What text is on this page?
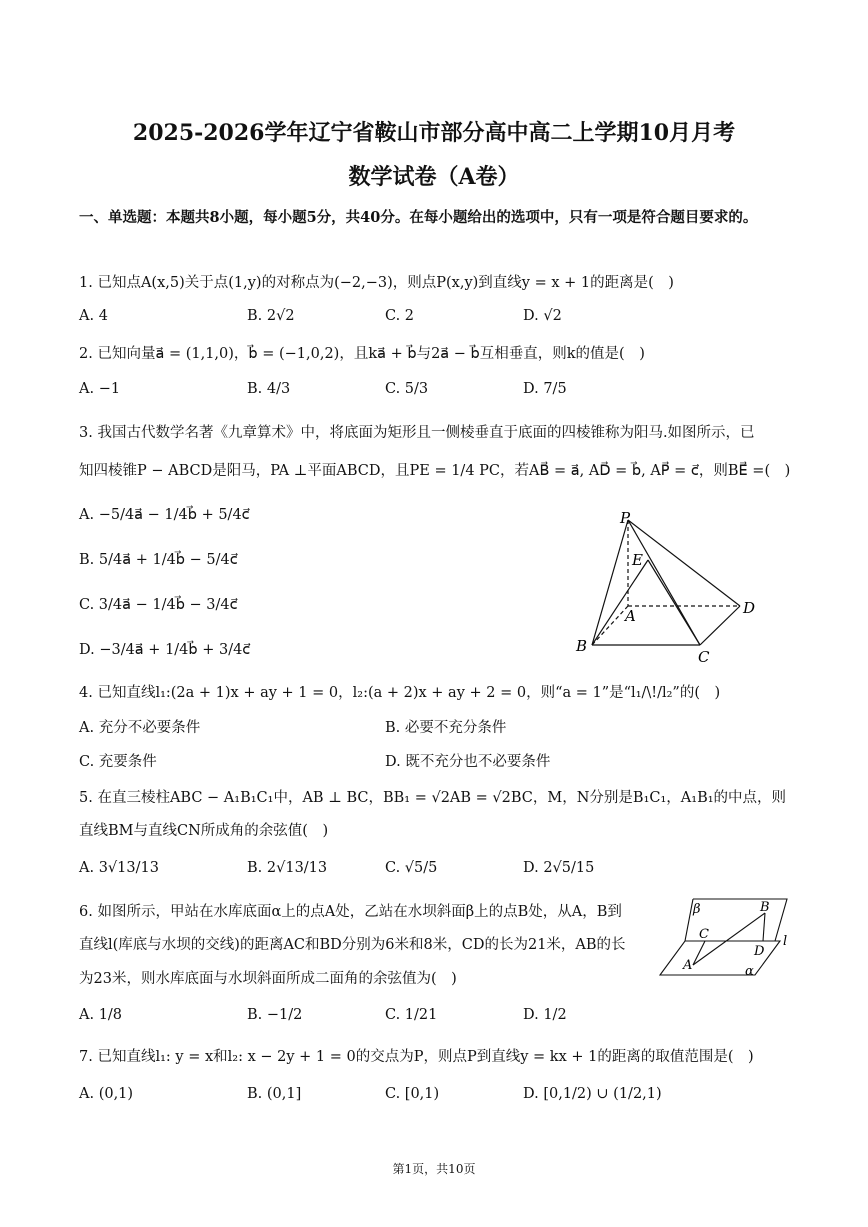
2025-2026学年辽宁省鞍山市部分高中高二上学期10月月考
数学试卷（A卷）
一、单选题：本题共8小题，每小题5分，共40分。在每小题给出的选项中，只有一项是符合题目要求的。
1. 已知点A(x,5)关于点(1,y)的对称点为(−2,−3)，则点P(x,y)到直线y = x + 1的距离是(　)
A. 4	B. 2√2	C. 2	D. √2
2. 已知向量a⃗ = (1,1,0)，b⃗ = (−1,0,2)，且ka⃗ + b⃗与2a⃗ − b⃗互相垂直，则k的值是(　)
A. −1	B. 4/3	C. 5/3	D. 7/5
3. 我国古代数学名著《九章算术》中，将底面为矩形且一侧棱垂直于底面的四棱锥称为阳马.如图所示，已
知四棱锥P − ABCD是阳马，PA ⊥平面ABCD，且PE = 1/4 PC，若AB⃗ = a⃗, AD⃗ = b⃗, AP⃗ = c⃗，则BE⃗ =(　)
A. −5/4a⃗ − 1/4b⃗ + 5/4c⃗
B. 5/4a⃗ + 1/4b⃗ − 5/4c⃗
C. 3/4a⃗ − 1/4b⃗ − 3/4c⃗
D. −3/4a⃗ + 1/4b⃗ + 3/4c⃗
P
E
A	D
B
C
4. 已知直线l₁:(2a + 1)x + ay + 1 = 0，l₂:(a + 2)x + ay + 2 = 0，则“a = 1”是“l₁/\!/l₂”的(　)
A. 充分不必要条件	B. 必要不充分条件
C. 充要条件	D. 既不充分也不必要条件
5. 在直三棱柱ABC − A₁B₁C₁中，AB ⊥ BC，BB₁ = √2AB = √2BC，M，N分别是B₁C₁，A₁B₁的中点，则
直线BM与直线CN所成角的余弦值(　)
A. 3√13/13	B. 2√13/13	C. √5/5	D. 2√5/15
6. 如图所示，甲站在水库底面α上的点A处，乙站在水坝斜面β上的点B处，从A，B到
直线l(库底与水坝的交线)的距离AC和BD分别为6米和8米，CD的长为21米，AB的长
为23米，则水库底面与水坝斜面所成二面角的余弦值为(　)
A. 1/8	B. −1/2	C. 1/21	D. 1/2
β	B
C
D
l
A	α
7. 已知直线l₁: y = x和l₂: x − 2y + 1 = 0的交点为P，则点P到直线y = kx + 1的距离的取值范围是(　)
A. (0,1)	B. (0,1]	C. [0,1)	D. [0,1/2) ∪ (1/2,1)
第1页，共10页
